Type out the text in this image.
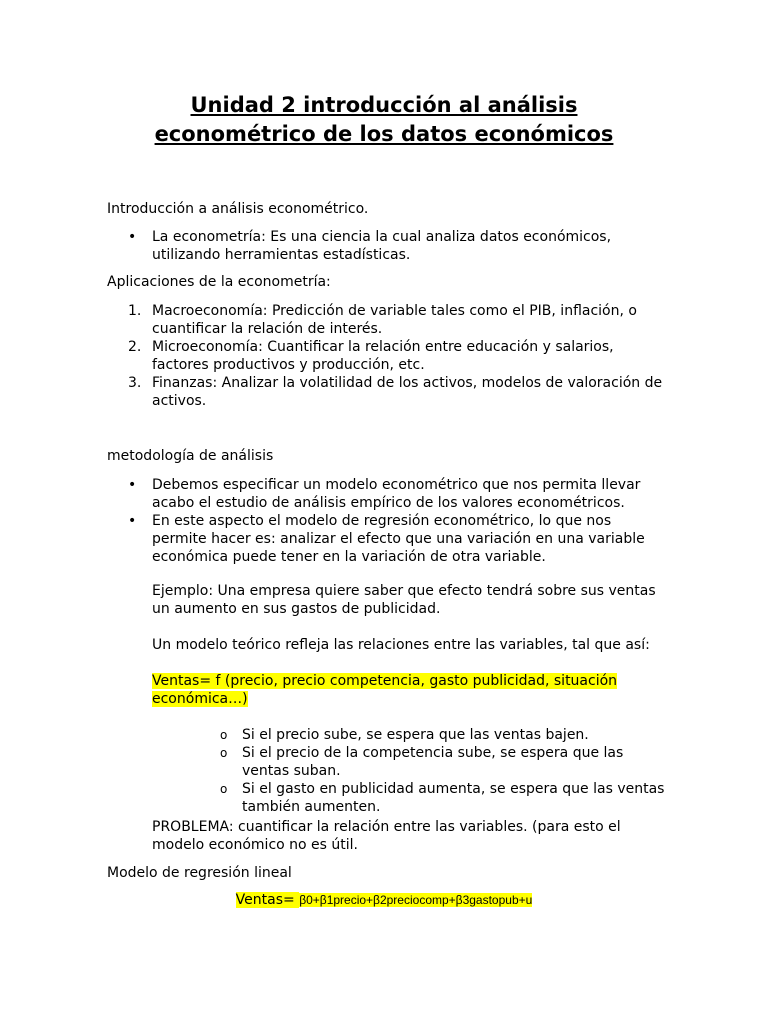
Unidad 2 introducción al análisis
econométrico de los datos económicos
Introducción a análisis econométrico.
• La econometría: Es una ciencia la cual analiza datos económicos,
utilizando herramientas estadísticas.
Aplicaciones de la econometría:
1. Macroeconomía: Predicción de variable tales como el PIB, inflación, o
cuantificar la relación de interés.
2. Microeconomía: Cuantificar la relación entre educación y salarios,
factores productivos y producción, etc.
3. Finanzas: Analizar la volatilidad de los activos, modelos de valoración de
activos.
metodología de análisis
• Debemos especificar un modelo econométrico que nos permita llevar
acabo el estudio de análisis empírico de los valores econométricos.
• En este aspecto el modelo de regresión econométrico, lo que nos
permite hacer es: analizar el efecto que una variación en una variable
económica puede tener en la variación de otra variable.
Ejemplo: Una empresa quiere saber que efecto tendrá sobre sus ventas
un aumento en sus gastos de publicidad.
Un modelo teórico refleja las relaciones entre las variables, tal que así:
Ventas= f (precio, precio competencia, gasto publicidad, situación
económica…)
o Si el precio sube, se espera que las ventas bajen.
o Si el precio de la competencia sube, se espera que las
ventas suban.
o Si el gasto en publicidad aumenta, se espera que las ventas
también aumenten.
PROBLEMA: cuantificar la relación entre las variables. (para esto el
modelo económico no es útil.
Modelo de regresión lineal
Ventas= β0+β1precio+β2preciocomp+β3gastopub+u
